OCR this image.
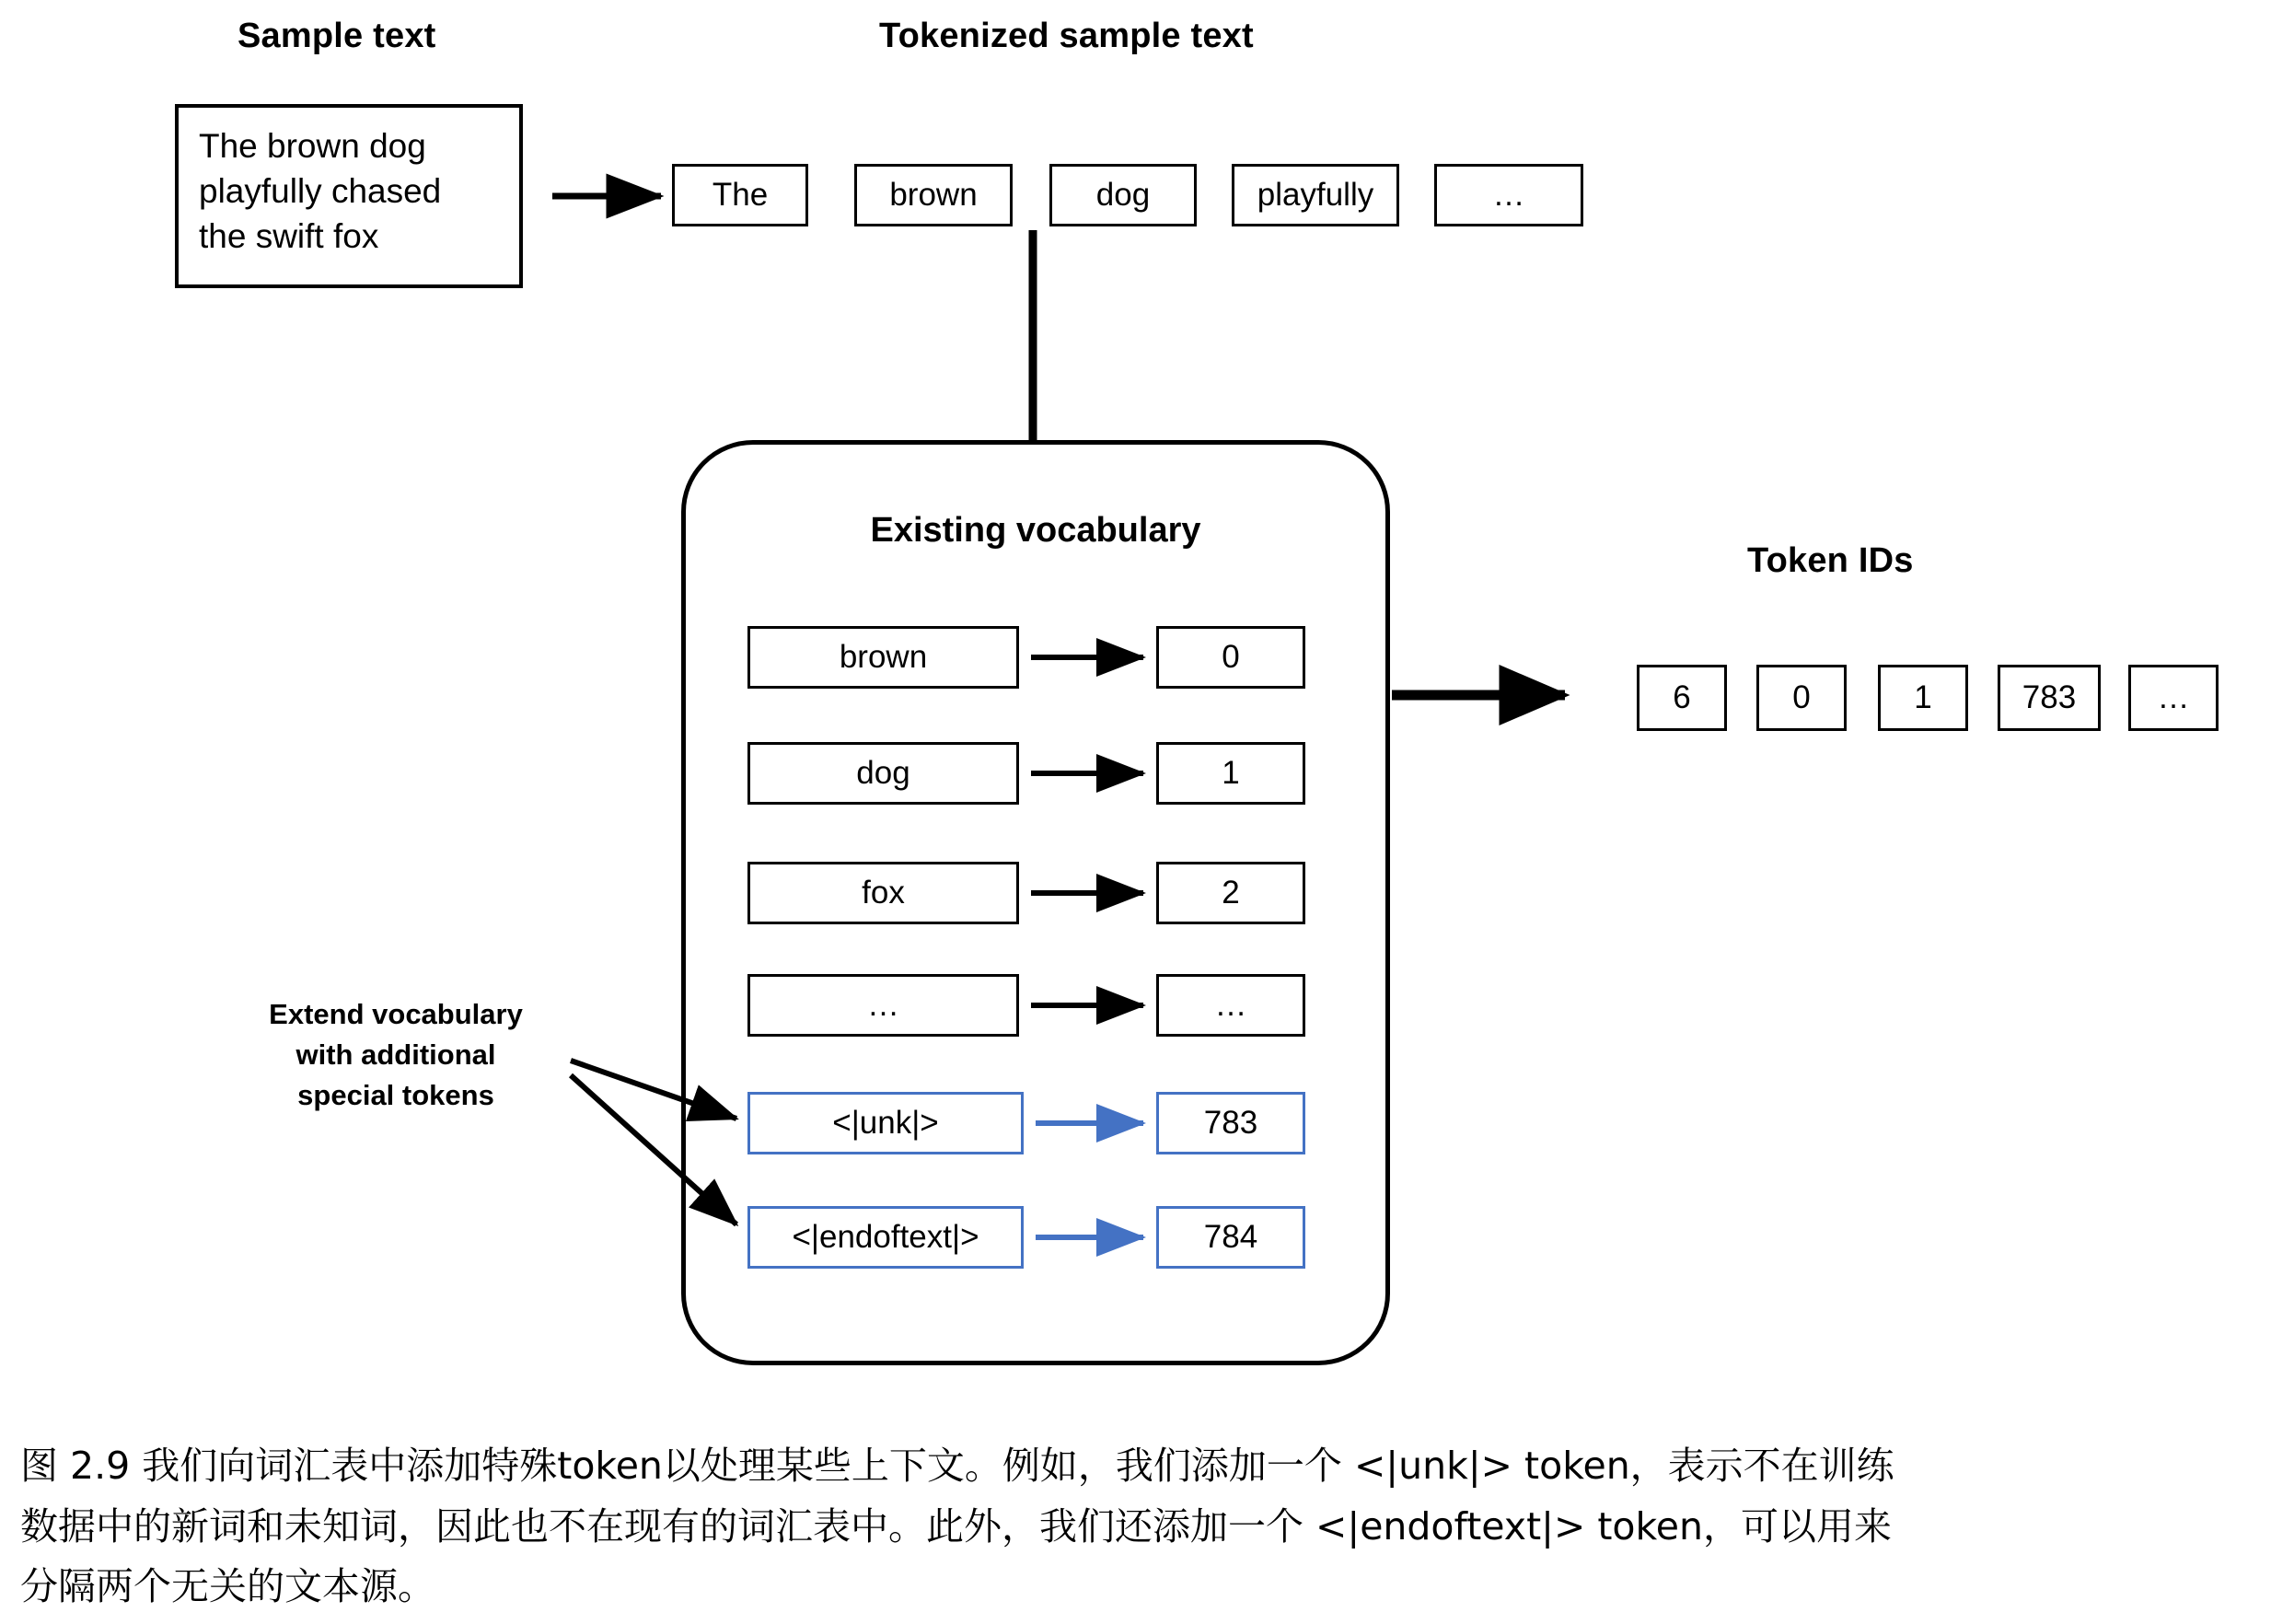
Sample text	Tokenized sample text
Token IDs
The brown dog
playfully chased
the swift fox
The	brown	dog	playfully	…
Existing vocabulary
brown	0
dog	1
fox	2
…	…
<|unk|>	783
<|endoftext|>	784
6	0	1	783	…
Extend vocabulary
with additional
special tokens
图 2.9 我们向词汇表中添加特殊token以处理某些上下文。例如，我们添加一个 <|unk|> token，表示不在训练
数据中的新词和未知词，因此也不在现有的词汇表中。此外，我们还添加一个 <|endoftext|> token，可以用来
分隔两个无关的文本源。
